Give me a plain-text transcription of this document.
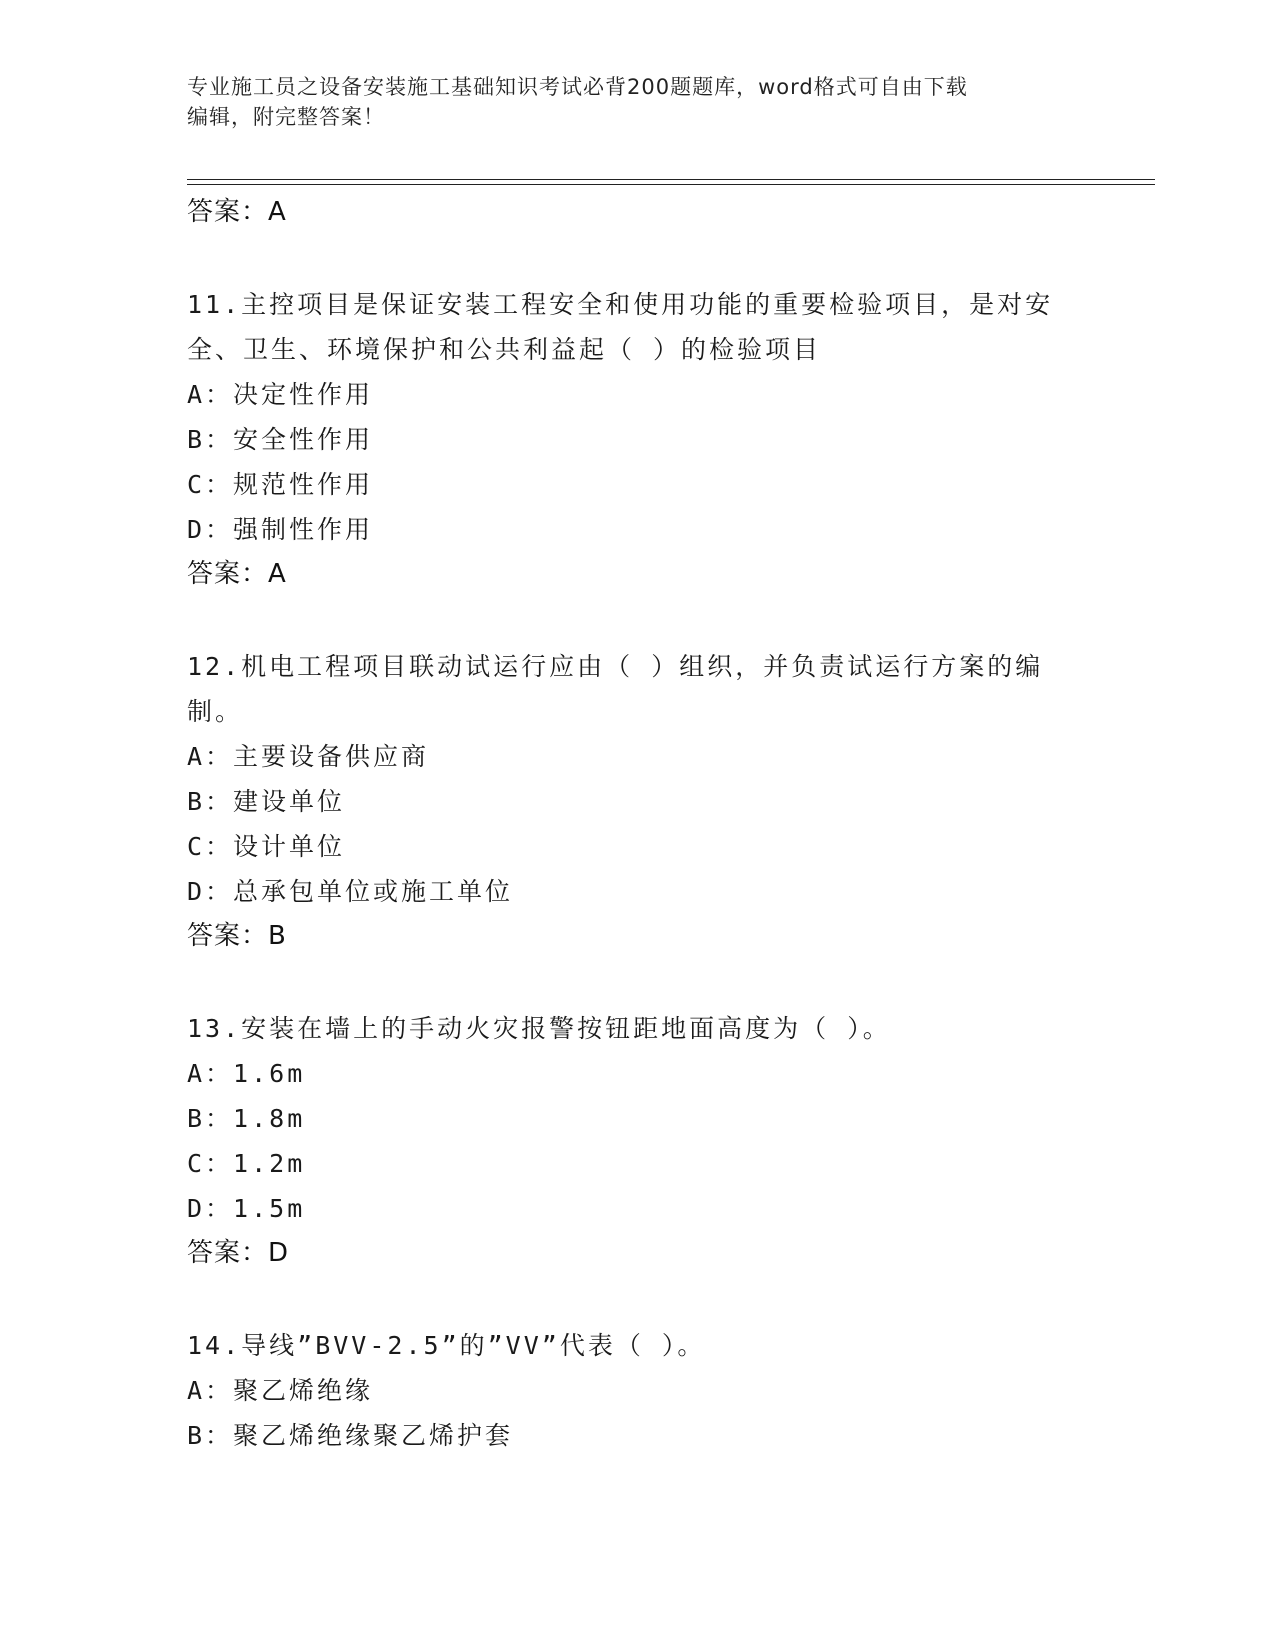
专业施工员之设备安装施工基础知识考试必背200题题库，word格式可自由下载
编辑，附完整答案！
答案：A
11.主控项目是保证安装工程安全和使用功能的重要检验项目，是对安
全、卫生、环境保护和公共利益起（ ）的检验项目
A：决定性作用
B：安全性作用
C：规范性作用
D：强制性作用
答案：A
12.机电工程项目联动试运行应由（ ）组织，并负责试运行方案的编
制。
A：主要设备供应商
B：建设单位
C：设计单位
D：总承包单位或施工单位
答案：B
13.安装在墙上的手动火灾报警按钮距地面高度为（ ）。
A：1.6m
B：1.8m
C：1.2m
D：1.5m
答案：D
14.导线”BVV-2.5”的”VV”代表（ ）。
A：聚乙烯绝缘
B：聚乙烯绝缘聚乙烯护套
